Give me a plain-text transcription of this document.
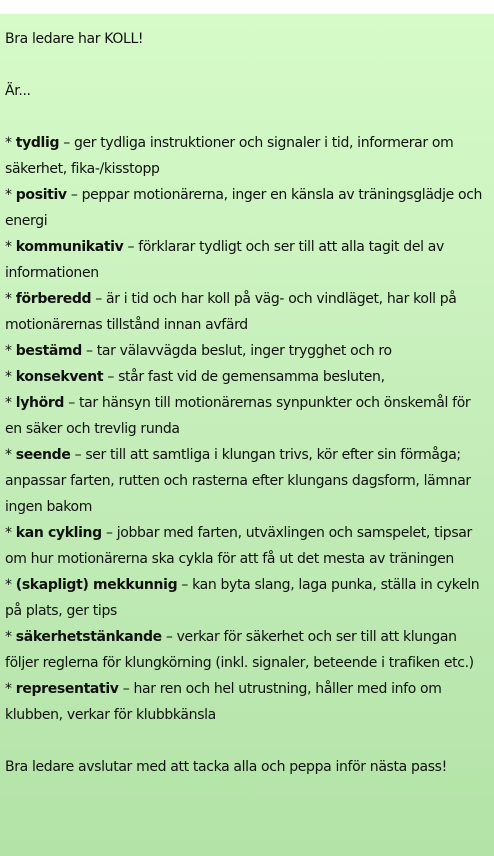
Bra ledare har KOLL!
Är...
* tydlig – ger tydliga instruktioner och signaler i tid, informerar om säkerhet, fika-/kisstopp
* positiv – peppar motionärerna, inger en känsla av träningsglädje och energi
* kommunikativ – förklarar tydligt och ser till att alla tagit del av informationen
* förberedd – är i tid och har koll på väg- och vindläget, har koll på motionärernas tillstånd innan avfärd
* bestämd – tar välavvägda beslut, inger trygghet och ro
* konsekvent – står fast vid de gemensamma besluten,
* lyhörd – tar hänsyn till motionärernas synpunkter och önskemål för en säker och trevlig runda
* seende – ser till att samtliga i klungan trivs, kör efter sin förmåga; anpassar farten, rutten och rasterna efter klungans dagsform, lämnar ingen bakom
* kan cykling – jobbar med farten, utväxlingen och samspelet, tipsar om hur motionärerna ska cykla för att få ut det mesta av träningen
* (skapligt) mekkunnig – kan byta slang, laga punka, ställa in cykeln på plats, ger tips
* säkerhetstänkande – verkar för säkerhet och ser till att klungan följer reglerna för klungkörning (inkl. signaler, beteende i trafiken etc.)
* representativ – har ren och hel utrustning, håller med info om klubben, verkar för klubbkänsla
Bra ledare avslutar med att tacka alla och peppa inför nästa pass!
